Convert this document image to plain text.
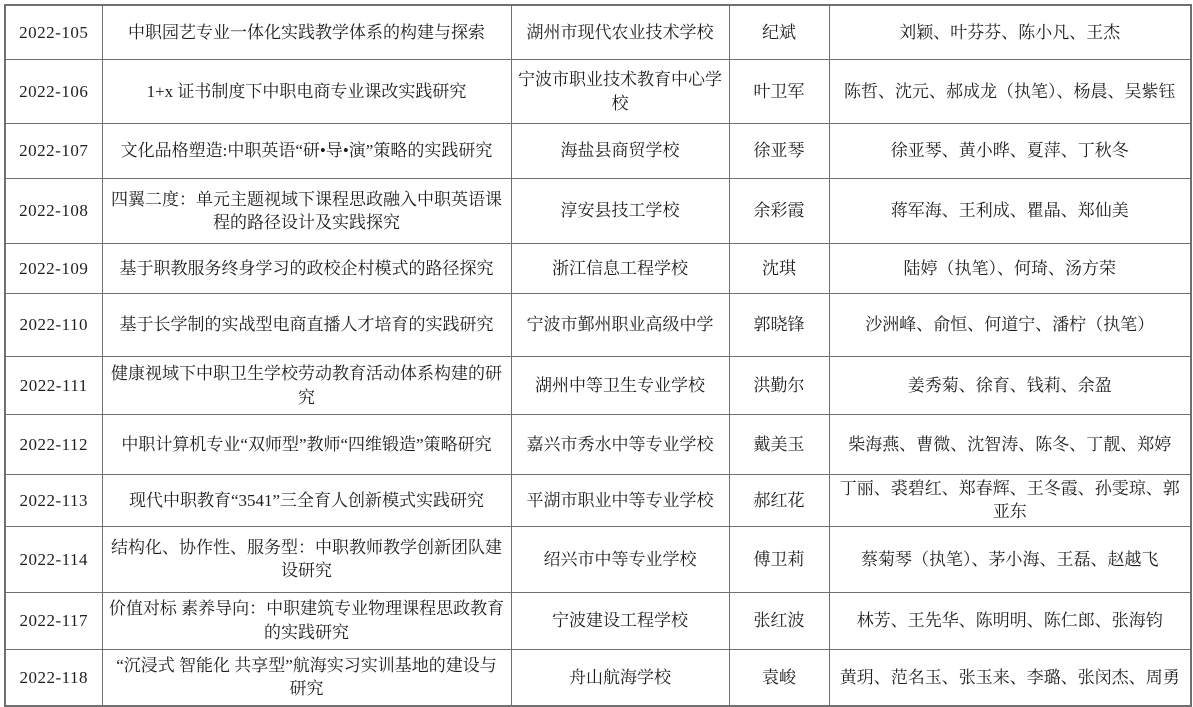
2022-105	中职园艺专业一体化实践教学体系的构建与探索	湖州市现代农业技术学校	纪斌	刘颖、叶芬芬、陈小凡、王杰
2022-106	1+x 证书制度下中职电商专业课改实践研究	宁波市职业技术教育中心学校	叶卫军	陈哲、沈元、郝成龙（执笔）、杨晨、吴紫钰
2022-107	文化品格塑造:中职英语“研•导•演”策略的实践研究	海盐县商贸学校	徐亚琴	徐亚琴、黄小晔、夏萍、丁秋冬
2022-108	四翼二度：单元主题视域下课程思政融入中职英语课程的路径设计及实践探究	淳安县技工学校	余彩霞	蒋军海、王利成、瞿晶、郑仙美
2022-109	基于职教服务终身学习的政校企村模式的路径探究	浙江信息工程学校	沈琪	陆婷（执笔）、何琦、汤方荣
2022-110	基于长学制的实战型电商直播人才培育的实践研究	宁波市鄞州职业高级中学	郭晓锋	沙洲峰、俞恒、何道宁、潘柠（执笔）
2022-111	健康视域下中职卫生学校劳动教育活动体系构建的研究	湖州中等卫生专业学校	洪勤尔	姜秀菊、徐育、钱莉、余盈
2022-112	中职计算机专业“双师型”教师“四维锻造”策略研究	嘉兴市秀水中等专业学校	戴美玉	柴海燕、曹微、沈智涛、陈冬、丁靓、郑婷
2022-113	现代中职教育“3541”三全育人创新模式实践研究	平湖市职业中等专业学校	郝红花	丁丽、裘碧红、郑春辉、王冬霞、孙雯琼、郭亚东
2022-114	结构化、协作性、服务型：中职教师教学创新团队建设研究	绍兴市中等专业学校	傅卫莉	蔡菊琴（执笔）、茅小海、王磊、赵越飞
2022-117	价值对标 素养导向：中职建筑专业物理课程思政教育的实践研究	宁波建设工程学校	张红波	林芳、王先华、陈明明、陈仁郎、张海钧
2022-118	“沉浸式 智能化 共享型”航海实习实训基地的建设与研究	舟山航海学校	袁峻	黄玥、范名玉、张玉来、李璐、张闵杰、周勇
